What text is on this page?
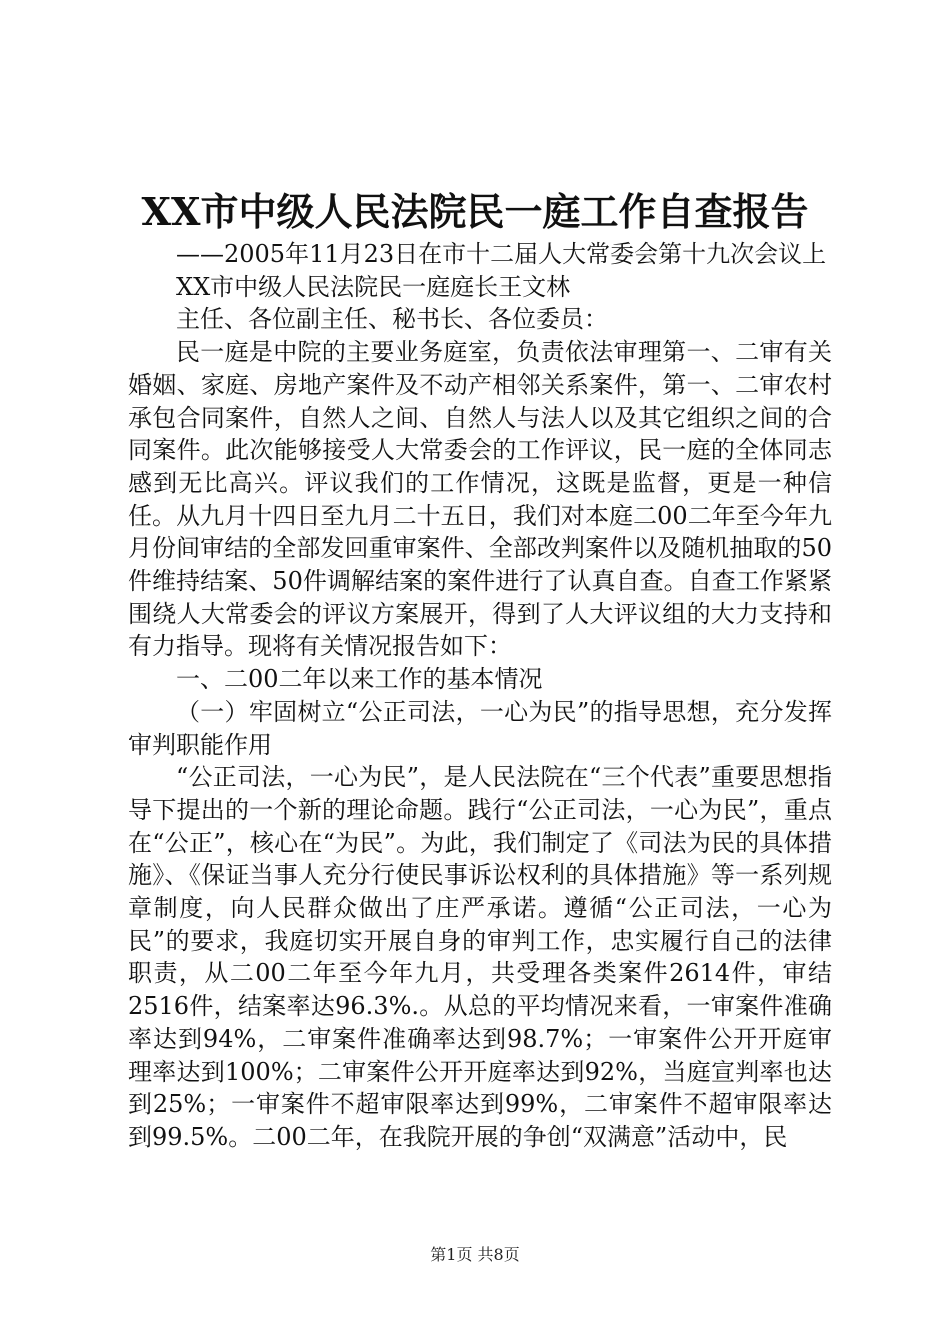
XX市中级人民法院民一庭工作自查报告

——2005年11月23日在市十二届人大常委会第十九次会议上

XX市中级人民法院民一庭庭长王文林

主任、各位副主任、秘书长、各位委员：

民一庭是中院的主要业务庭室，负责依法审理第一、二审有关婚姻、家庭、房地产案件及不动产相邻关系案件，第一、二审农村承包合同案件，自然人之间、自然人与法人以及其它组织之间的合同案件。此次能够接受人大常委会的工作评议，民一庭的全体同志感到无比高兴。评议我们的工作情况，这既是监督，更是一种信任。从九月十四日至九月二十五日，我们对本庭二00二年至今年九月份间审结的全部发回重审案件、全部改判案件以及随机抽取的50件维持结案、50件调解结案的案件进行了认真自查。自查工作紧紧围绕人大常委会的评议方案展开，得到了人大评议组的大力支持和有力指导。现将有关情况报告如下：

一、二00二年以来工作的基本情况

（一）牢固树立“公正司法，一心为民”的指导思想，充分发挥审判职能作用

“公正司法，一心为民”，是人民法院在“三个代表”重要思想指导下提出的一个新的理论命题。践行“公正司法，一心为民”，重点在“公正”，核心在“为民”。为此，我们制定了《司法为民的具体措施》、《保证当事人充分行使民事诉讼权利的具体措施》等一系列规章制度，向人民群众做出了庄严承诺。遵循“公正司法，一心为民”的要求，我庭切实开展自身的审判工作，忠实履行自己的法律职责，从二00二年至今年九月，共受理各类案件2614件，审结2516件，结案率达96.3%.。从总的平均情况来看，一审案件准确率达到94%，二审案件准确率达到98.7%；一审案件公开开庭审理率达到100%；二审案件公开开庭率达到92%，当庭宣判率也达到25%；一审案件不超审限率达到99%，二审案件不超审限率达到99.5%。二00二年，在我院开展的争创“双满意”活动中，民

第1页 共8页
